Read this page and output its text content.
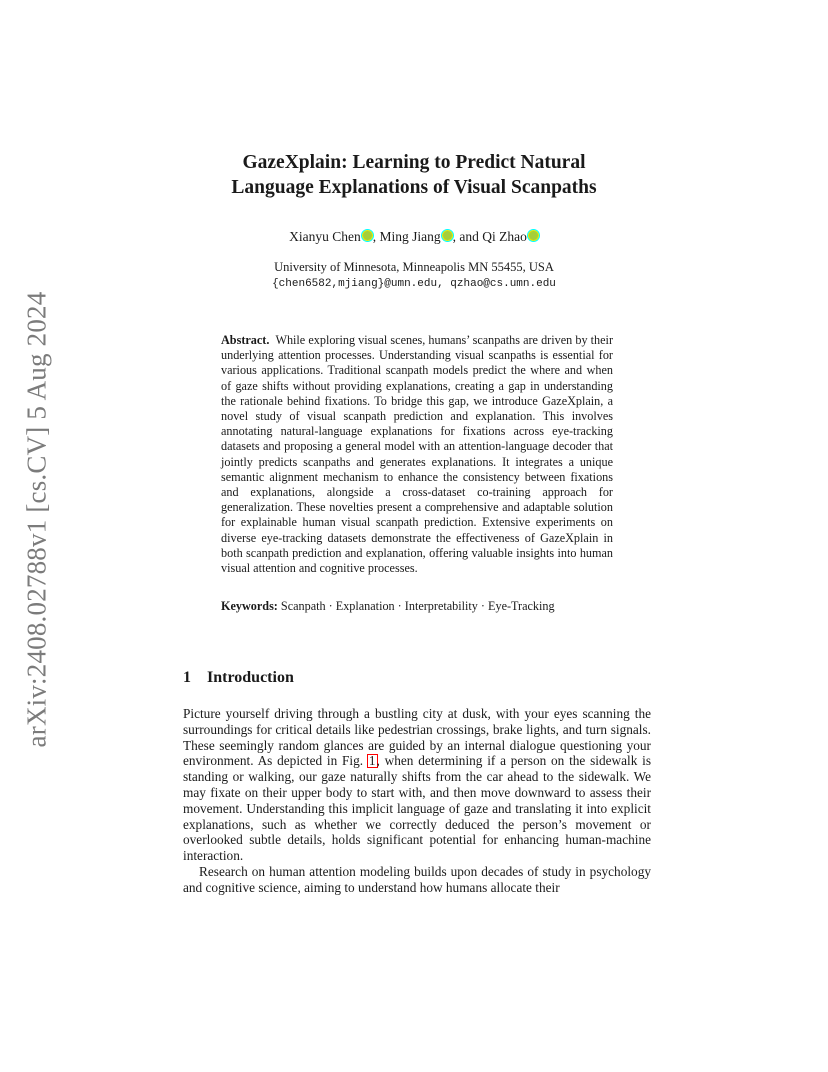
arXiv:2408.02788v1 [cs.CV] 5 Aug 2024
GazeXplain: Learning to Predict Natural
Language Explanations of Visual Scanpaths
Xianyu Chen , Ming Jiang , and Qi Zhao
University of Minnesota, Minneapolis MN 55455, USA
{chen6582,mjiang}@umn.edu, qzhao@cs.umn.edu
Abstract. While exploring visual scenes, humans’ scanpaths are driven by their underlying attention processes. Understanding visual scanpaths is essential for various applications. Traditional scanpath models predict the where and when of gaze shifts without providing explanations, creating a gap in understanding the rationale behind fixations. To bridge this gap, we introduce GazeXplain, a novel study of visual scanpath prediction and explanation. This involves annotating natural-language explanations for fixations across eye-tracking datasets and proposing a general model with an attention-language decoder that jointly predicts scanpaths and generates explanations. It integrates a unique semantic alignment mechanism to enhance the consistency between fixations and explanations, alongside a cross-dataset co-training approach for generalization. These novelties present a comprehensive and adaptable solution for explainable human visual scanpath prediction. Extensive experiments on diverse eye-tracking datasets demonstrate the effectiveness of GazeXplain in both scanpath prediction and explanation, offering valuable insights into human visual attention and cognitive processes.
Keywords: Scanpath · Explanation · Interpretability · Eye-Tracking
1 Introduction

Picture yourself driving through a bustling city at dusk, with your eyes scanning the surroundings for critical details like pedestrian crossings, brake lights, and turn signals. These seemingly random glances are guided by an internal dialogue questioning your environment. As depicted in Fig. 1, when determining if a person on the sidewalk is standing or walking, our gaze naturally shifts from the car ahead to the sidewalk. We may fixate on their upper body to start with, and then move downward to assess their movement. Understanding this implicit language of gaze and translating it into explicit explanations, such as whether we correctly deduced the person’s movement or overlooked subtle details, holds significant potential for enhancing human-machine interaction.

Research on human attention modeling builds upon decades of study in psychology and cognitive science, aiming to understand how humans allocate their
